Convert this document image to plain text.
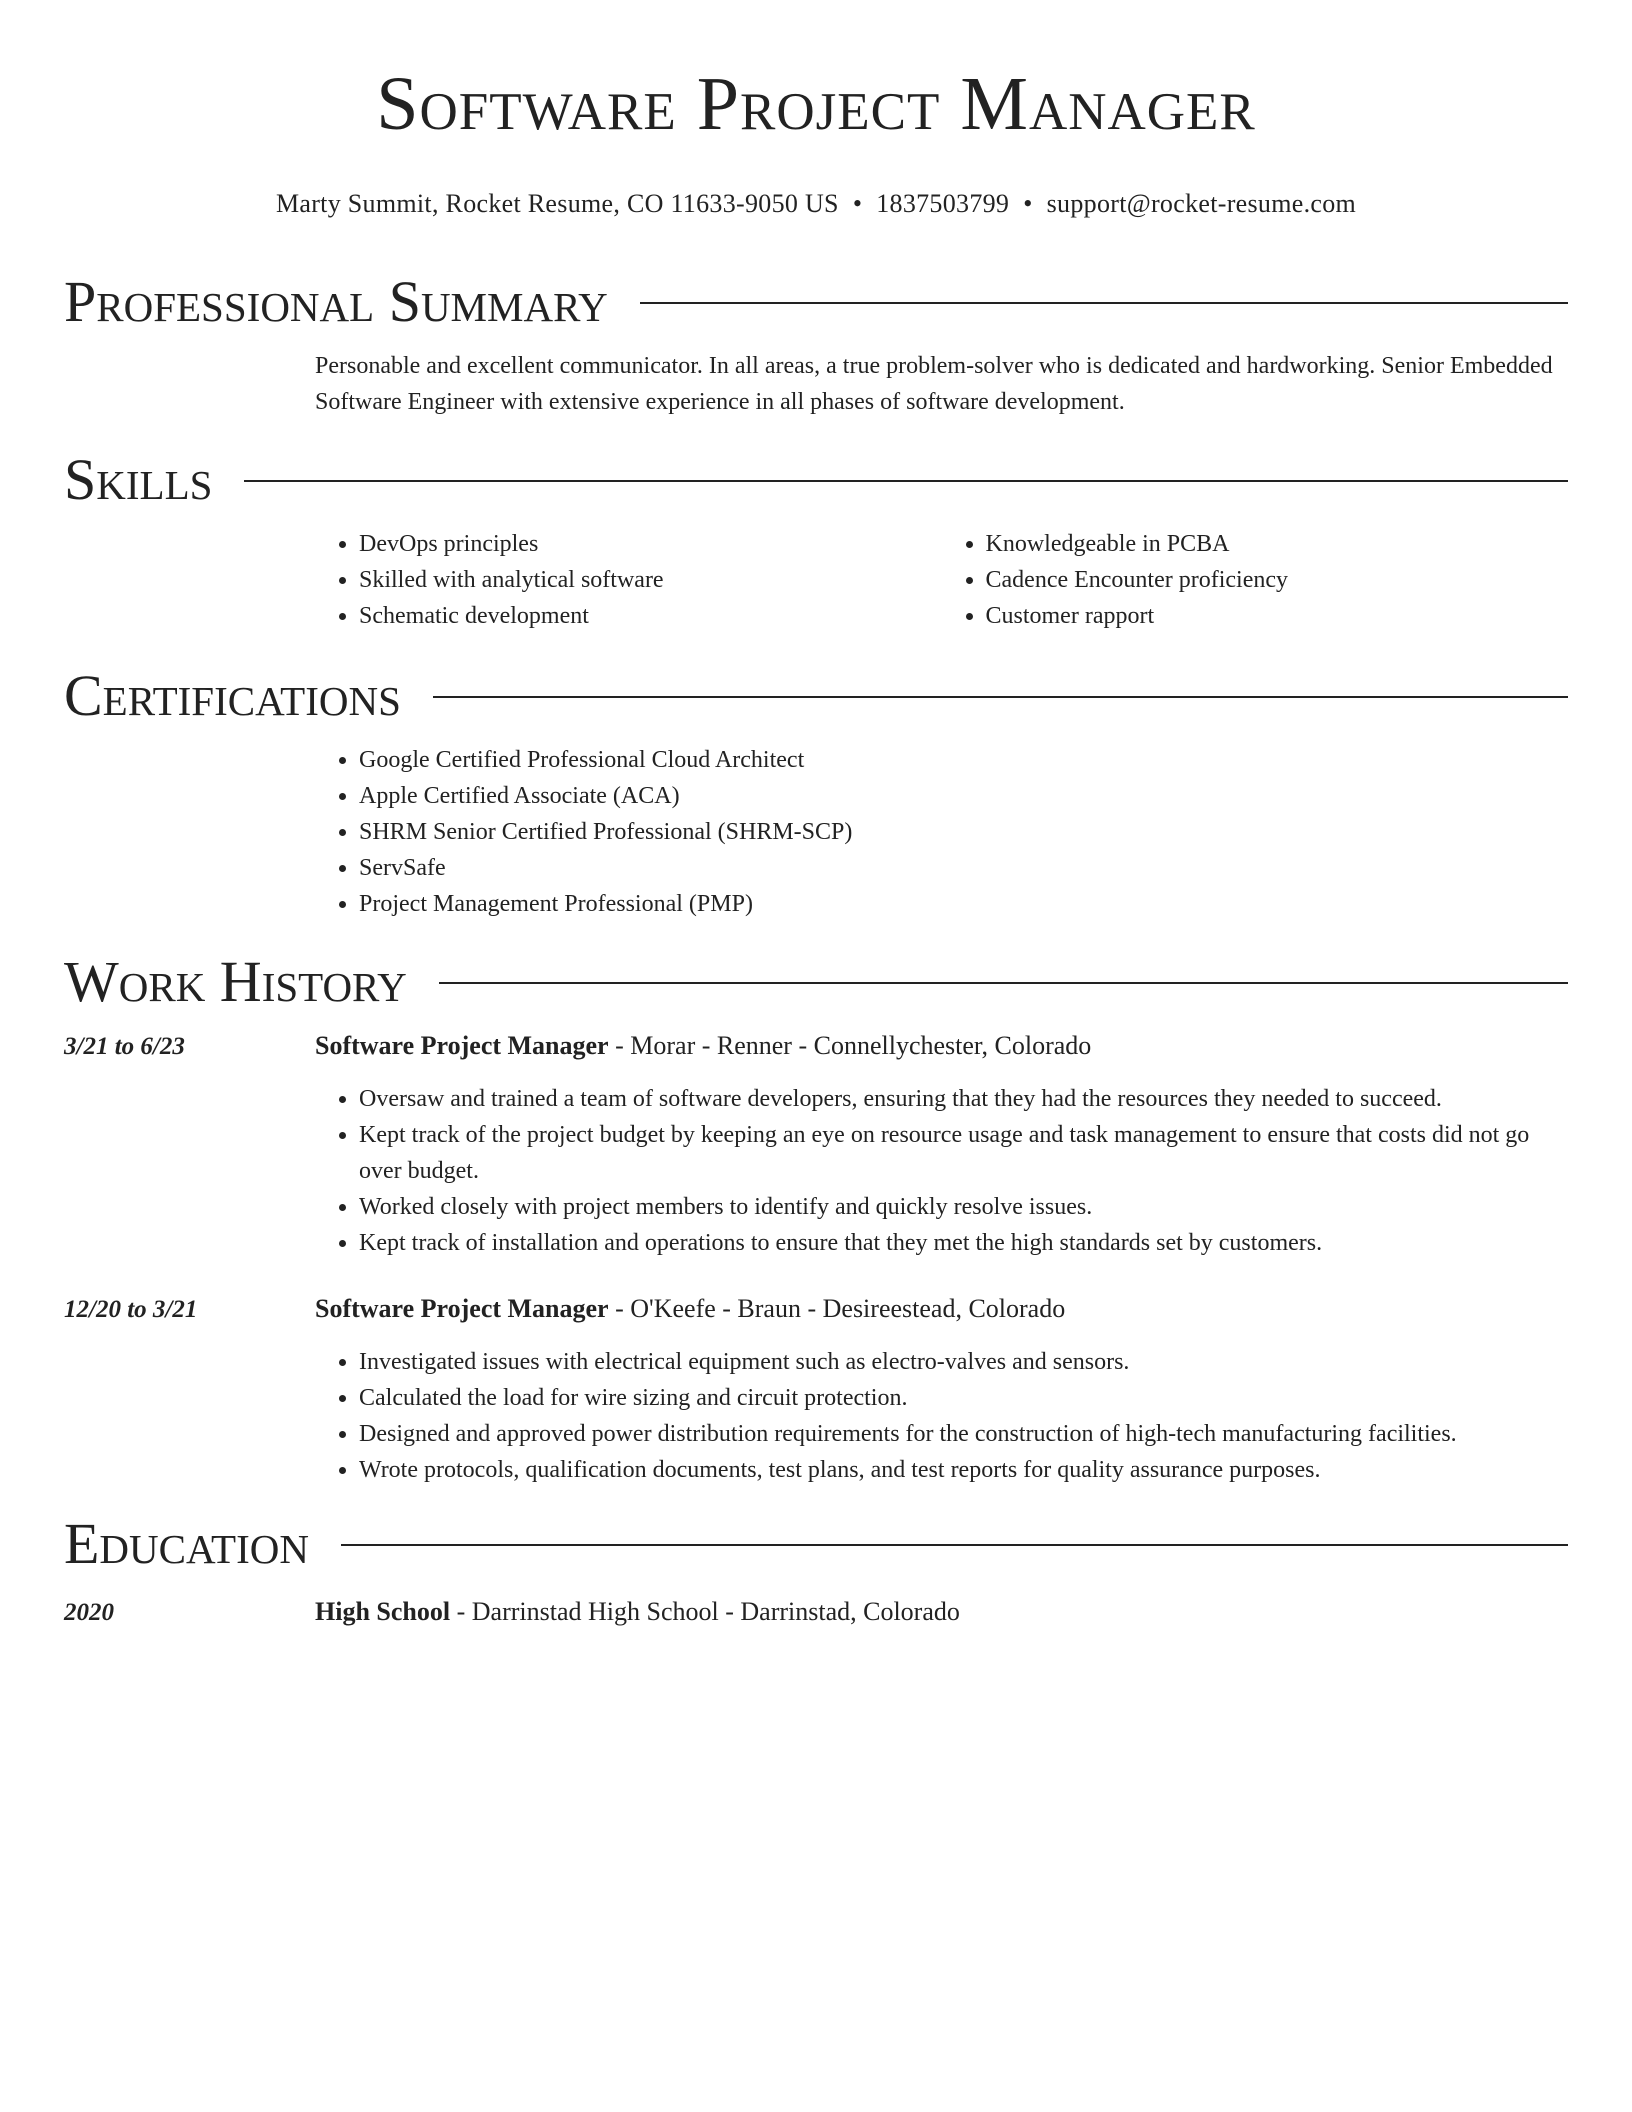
Software Project Manager
Marty Summit, Rocket Resume, CO 11633-9050 US • 1837503799 • support@rocket-resume.com
Professional Summary

Personable and excellent communicator. In all areas, a true problem-solver who is dedicated and hardworking. Senior Embedded Software Engineer with extensive experience in all phases of software development.

Skills
• DevOps principles
• Skilled with analytical software
• Schematic development
• Knowledgeable in PCBA
• Cadence Encounter proficiency
• Customer rapport
Certifications
• Google Certified Professional Cloud Architect
• Apple Certified Associate (ACA)
• SHRM Senior Certified Professional (SHRM-SCP)
• ServSafe
• Project Management Professional (PMP)
Work History
3/21 to 6/23	Software Project Manager - Morar - Renner - Connellychester, Colorado
• Oversaw and trained a team of software developers, ensuring that they had the resources they needed to succeed.
• Kept track of the project budget by keeping an eye on resource usage and task management to ensure that costs did not go over budget.
• Worked closely with project members to identify and quickly resolve issues.
• Kept track of installation and operations to ensure that they met the high standards set by customers.
12/20 to 3/21	Software Project Manager - O'Keefe - Braun - Desireestead, Colorado
• Investigated issues with electrical equipment such as electro-valves and sensors.
• Calculated the load for wire sizing and circuit protection.
• Designed and approved power distribution requirements for the construction of high-tech manufacturing facilities.
• Wrote protocols, qualification documents, test plans, and test reports for quality assurance purposes.
Education
2020	High School - Darrinstad High School - Darrinstad, Colorado
